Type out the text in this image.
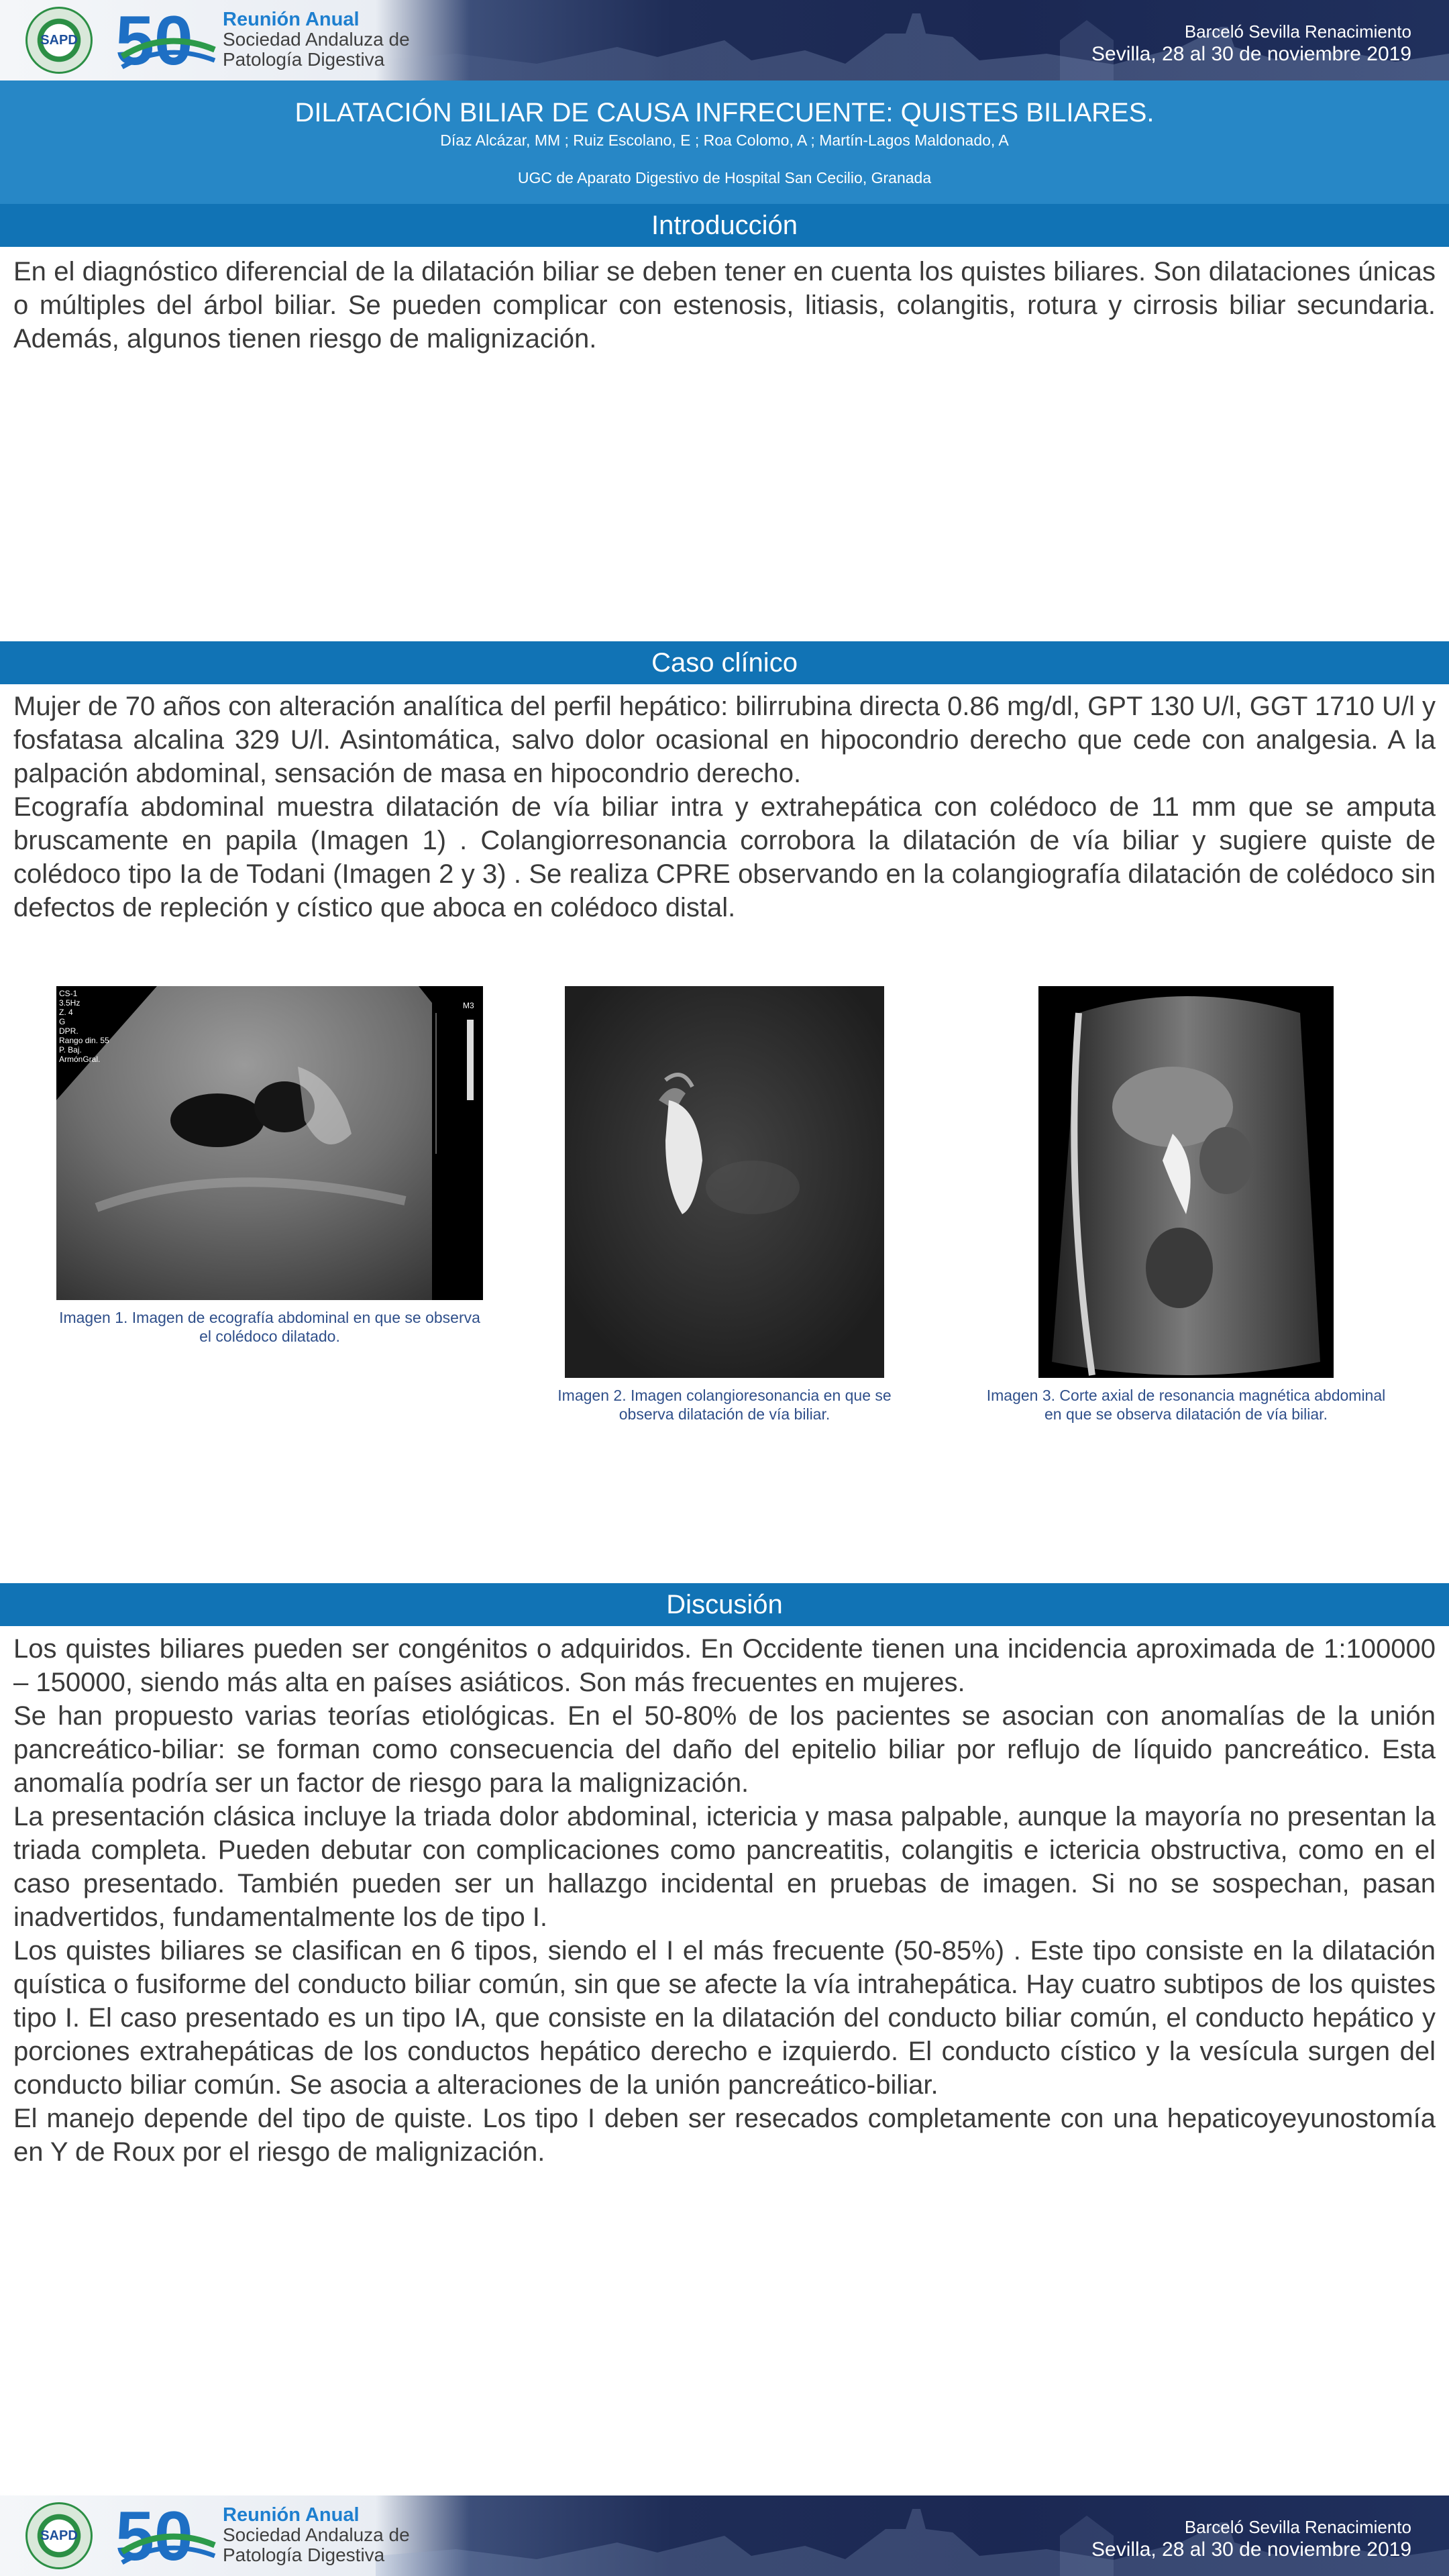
SAPD 50 Reunión Anual
Sociedad Andaluza de
Patología Digestiva
Barceló Sevilla Renacimiento
Sevilla, 28 al 30 de noviembre 2019
DILATACIÓN BILIAR DE CAUSA INFRECUENTE: QUISTES BILIARES.
Díaz Alcázar, MM ; Ruiz Escolano, E ; Roa Colomo, A ; Martín-Lagos Maldonado, A
UGC de Aparato Digestivo de Hospital San Cecilio, Granada
Introducción

En el diagnóstico diferencial de la dilatación biliar se deben tener en cuenta los quistes biliares. Son dilataciones únicas o múltiples del árbol biliar. Se pueden complicar con estenosis, litiasis, colangitis, rotura y cirrosis biliar secundaria. Además, algunos tienen riesgo de malignización.

Caso clínico

Mujer de 70 años con alteración analítica del perfil hepático: bilirrubina directa 0.86 mg/dl, GPT 130 U/l, GGT 1710 U/l y fosfatasa alcalina 329 U/l. Asintomática, salvo dolor ocasional en hipocondrio derecho que cede con analgesia. A la palpación abdominal, sensación de masa en hipocondrio derecho.

Ecografía abdominal muestra dilatación de vía biliar intra y extrahepática con colédoco de 11 mm que se amputa bruscamente en papila (Imagen 1) . Colangiorresonancia corrobora la dilatación de vía biliar y sugiere quiste de colédoco tipo Ia de Todani (Imagen 2 y 3) . Se realiza CPRE observando en la colangiografía dilatación de colédoco sin defectos de repleción y cístico que aboca en colédoco distal.

CS-1
3.5Hz
Z. 4
G
DPR.
Rango din. 55
P. Baj.
ArmónGral.
M3
Imagen 1. Imagen de ecografía abdominal en que se observa el colédoco dilatado.
Imagen 2. Imagen colangioresonancia en que se observa dilatación de vía biliar.
Imagen 3. Corte axial de resonancia magnética abdominal en que se observa dilatación de vía biliar.
Discusión

Los quistes biliares pueden ser congénitos o adquiridos. En Occidente tienen una incidencia aproximada de 1:100000 – 150000, siendo más alta en países asiáticos. Son más frecuentes en mujeres.

Se han propuesto varias teorías etiológicas. En el 50-80% de los pacientes se asocian con anomalías de la unión pancreático-biliar: se forman como consecuencia del daño del epitelio biliar por reflujo de líquido pancreático. Esta anomalía podría ser un factor de riesgo para la malignización.

La presentación clásica incluye la triada dolor abdominal, ictericia y masa palpable, aunque la mayoría no presentan la triada completa. Pueden debutar con complicaciones como pancreatitis, colangitis e ictericia obstructiva, como en el caso presentado. También pueden ser un hallazgo incidental en pruebas de imagen. Si no se sospechan, pasan inadvertidos, fundamentalmente los de tipo I.

Los quistes biliares se clasifican en 6 tipos, siendo el I el más frecuente (50-85%) . Este tipo consiste en la dilatación quística o fusiforme del conducto biliar común, sin que se afecte la vía intrahepática. Hay cuatro subtipos de los quistes tipo I. El caso presentado es un tipo IA, que consiste en la dilatación del conducto biliar común, el conducto hepático y porciones extrahepáticas de los conductos hepático derecho e izquierdo. El conducto cístico y la vesícula surgen del conducto biliar común. Se asocia a alteraciones de la unión pancreático-biliar.

El manejo depende del tipo de quiste. Los tipo I deben ser resecados completamente con una hepaticoyeyunostomía en Y de Roux por el riesgo de malignización.

SAPD 50 Reunión Anual
Sociedad Andaluza de
Patología Digestiva
Barceló Sevilla Renacimiento
Sevilla, 28 al 30 de noviembre 2019
